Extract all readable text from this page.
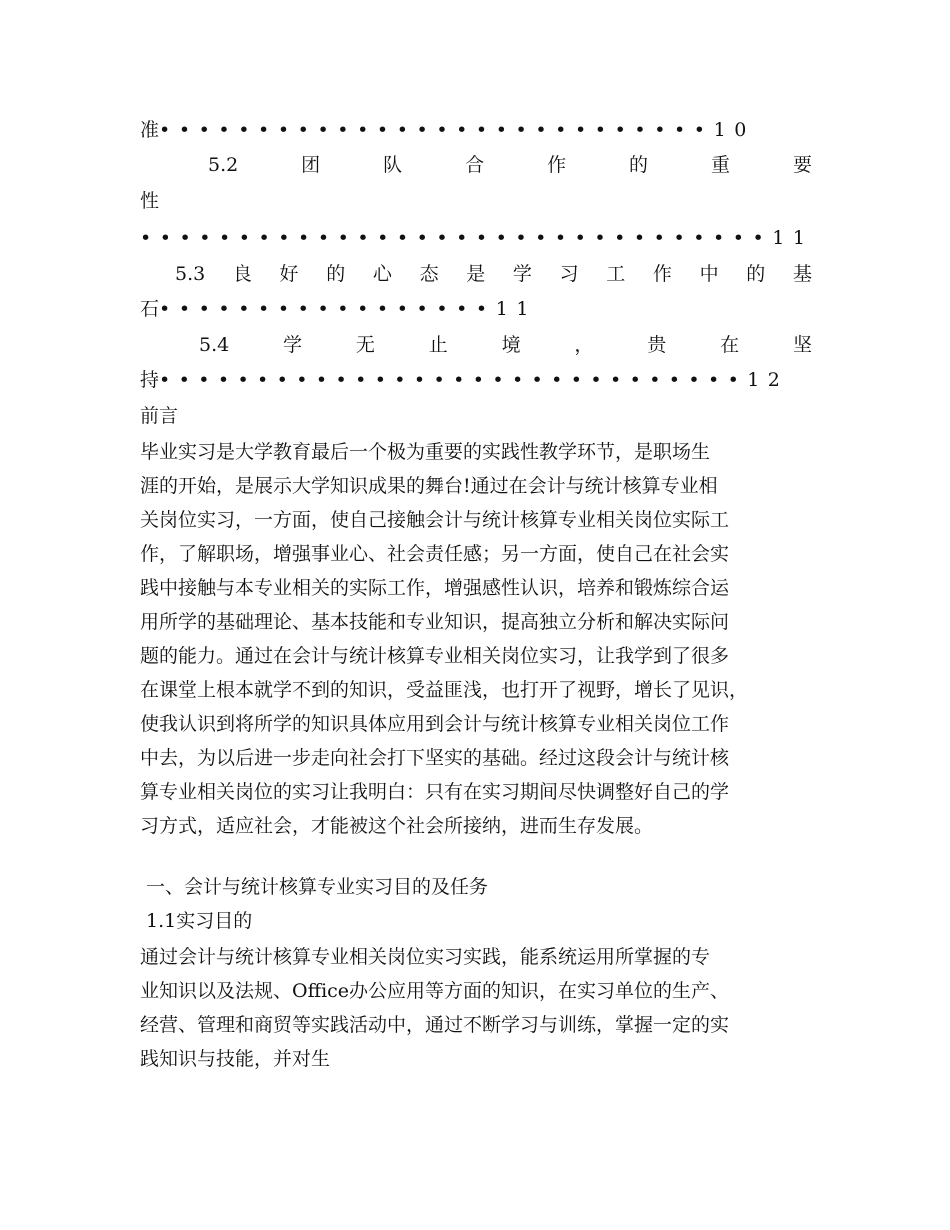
准••••••••••••••••••••••••••••10
5.2	团	队	合	作	的	重	要
性
••••••••••••••••••••••••••••••••11
5.3 良 好 的 心 态 是 学 习 工 作 中 的 基
石•••••••••••••••••11
5.4	学	无	止	境	，	贵	在	坚
持••••••••••••••••••••••••••••••12
前言
毕业实习是大学教育最后一个极为重要的实践性教学环节，是职场生
涯的开始，是展示大学知识成果的舞台!通过在会计与统计核算专业相
关岗位实习，一方面，使自己接触会计与统计核算专业相关岗位实际工
作，了解职场，增强事业心、社会责任感；另一方面，使自己在社会实
践中接触与本专业相关的实际工作，增强感性认识，培养和锻炼综合运
用所学的基础理论、基本技能和专业知识，提高独立分析和解决实际问
题的能力。通过在会计与统计核算专业相关岗位实习，让我学到了很多
在课堂上根本就学不到的知识，受益匪浅，也打开了视野，增长了见识，
使我认识到将所学的知识具体应用到会计与统计核算专业相关岗位工作
中去，为以后进一步走向社会打下坚实的基础。经过这段会计与统计核
算专业相关岗位的实习让我明白：只有在实习期间尽快调整好自己的学
习方式，适应社会，才能被这个社会所接纳，进而生存发展。
一、会计与统计核算专业实习目的及任务
1.1实习目的
通过会计与统计核算专业相关岗位实习实践，能系统运用所掌握的专
业知识以及法规、Office办公应用等方面的知识，在实习单位的生产、
经营、管理和商贸等实践活动中，通过不断学习与训练，掌握一定的实
践知识与技能，并对生
